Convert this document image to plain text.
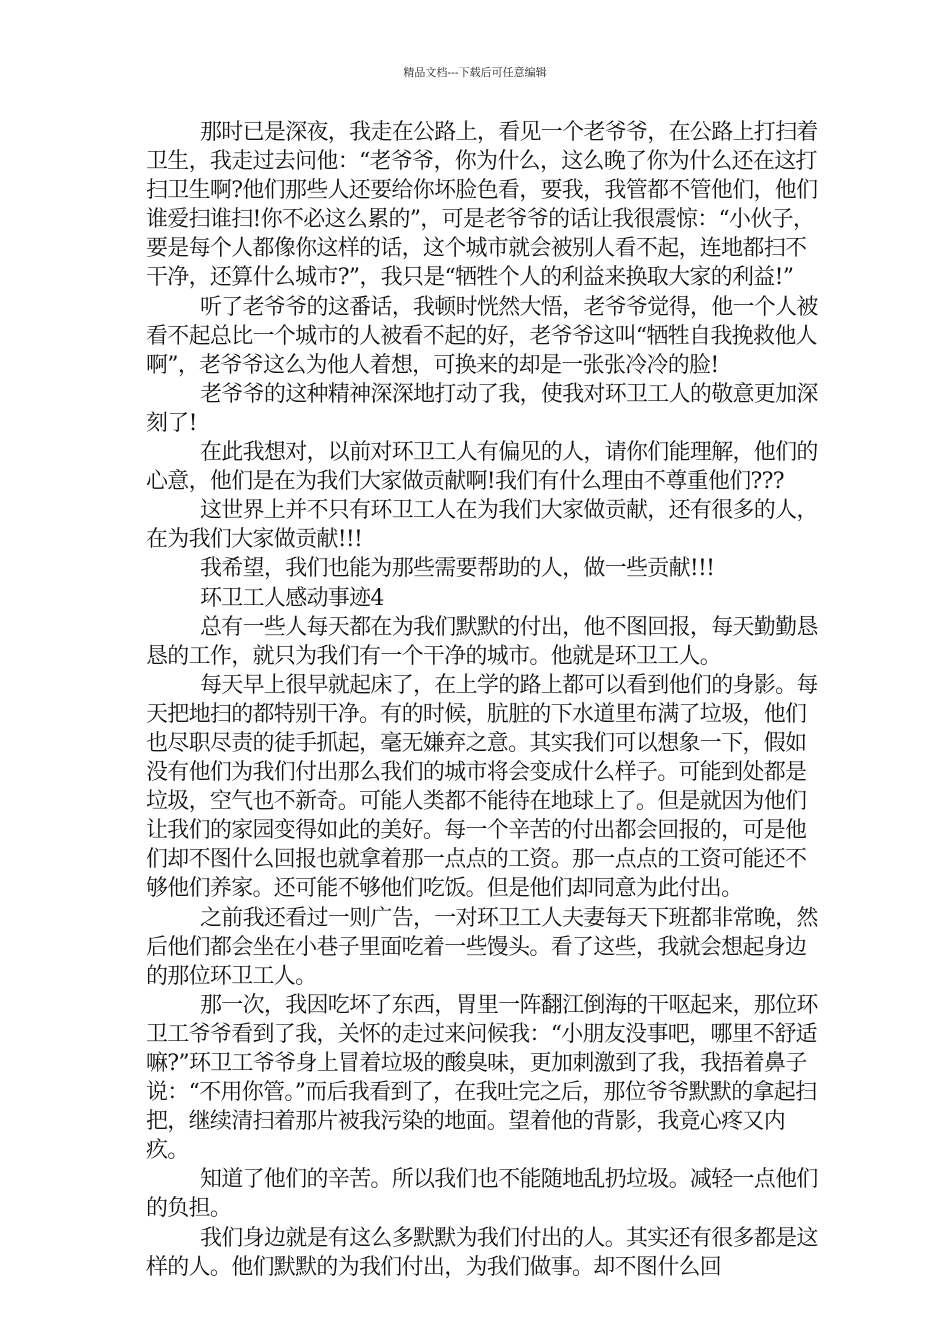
精品文档---下载后可任意编辑

那时已是深夜，我走在公路上，看见一个老爷爷，在公路上打扫着卫生，我走过去问他：“老爷爷，你为什么，这么晚了你为什么还在这打扫卫生啊?他们那些人还要给你坏脸色看，要我，我管都不管他们，他们谁爱扫谁扫!你不必这么累的”，可是老爷爷的话让我很震惊：“小伙子，要是每个人都像你这样的话，这个城市就会被别人看不起，连地都扫不干净，还算什么城市?”，我只是“牺牲个人的利益来换取大家的利益!”

听了老爷爷的这番话，我顿时恍然大悟，老爷爷觉得，他一个人被看不起总比一个城市的人被看不起的好，老爷爷这叫“牺牲自我挽救他人啊”，老爷爷这么为他人着想，可换来的却是一张张冷冷的脸!

老爷爷的这种精神深深地打动了我，使我对环卫工人的敬意更加深刻了!

在此我想对，以前对环卫工人有偏见的人，请你们能理解，他们的心意，他们是在为我们大家做贡献啊!我们有什么理由不尊重他们???

这世界上并不只有环卫工人在为我们大家做贡献，还有很多的人，在为我们大家做贡献!!!

我希望，我们也能为那些需要帮助的人，做一些贡献!!!

环卫工人感动事迹4

总有一些人每天都在为我们默默的付出，他不图回报，每天勤勤恳恳的工作，就只为我们有一个干净的城市。他就是环卫工人。

每天早上很早就起床了，在上学的路上都可以看到他们的身影。每天把地扫的都特别干净。有的时候，肮脏的下水道里布满了垃圾，他们也尽职尽责的徒手抓起，毫无嫌弃之意。其实我们可以想象一下，假如没有他们为我们付出那么我们的城市将会变成什么样子。可能到处都是垃圾，空气也不新奇。可能人类都不能待在地球上了。但是就因为他们让我们的家园变得如此的美好。每一个辛苦的付出都会回报的，可是他们却不图什么回报也就拿着那一点点的工资。那一点点的工资可能还不够他们养家。还可能不够他们吃饭。但是他们却同意为此付出。

之前我还看过一则广告，一对环卫工人夫妻每天下班都非常晚，然后他们都会坐在小巷子里面吃着一些馒头。看了这些，我就会想起身边的那位环卫工人。

那一次，我因吃坏了东西，胃里一阵翻江倒海的干呕起来，那位环卫工爷爷看到了我，关怀的走过来问候我：“小朋友没事吧，哪里不舒适嘛?”环卫工爷爷身上冒着垃圾的酸臭味，更加刺激到了我，我捂着鼻子说：“不用你管。”而后我看到了，在我吐完之后，那位爷爷默默的拿起扫把，继续清扫着那片被我污染的地面。望着他的背影，我竟心疼又内疚。

知道了他们的辛苦。所以我们也不能随地乱扔垃圾。减轻一点他们的负担。

我们身边就是有这么多默默为我们付出的人。其实还有很多都是这样的人。他们默默的为我们付出，为我们做事。却不图什么回
